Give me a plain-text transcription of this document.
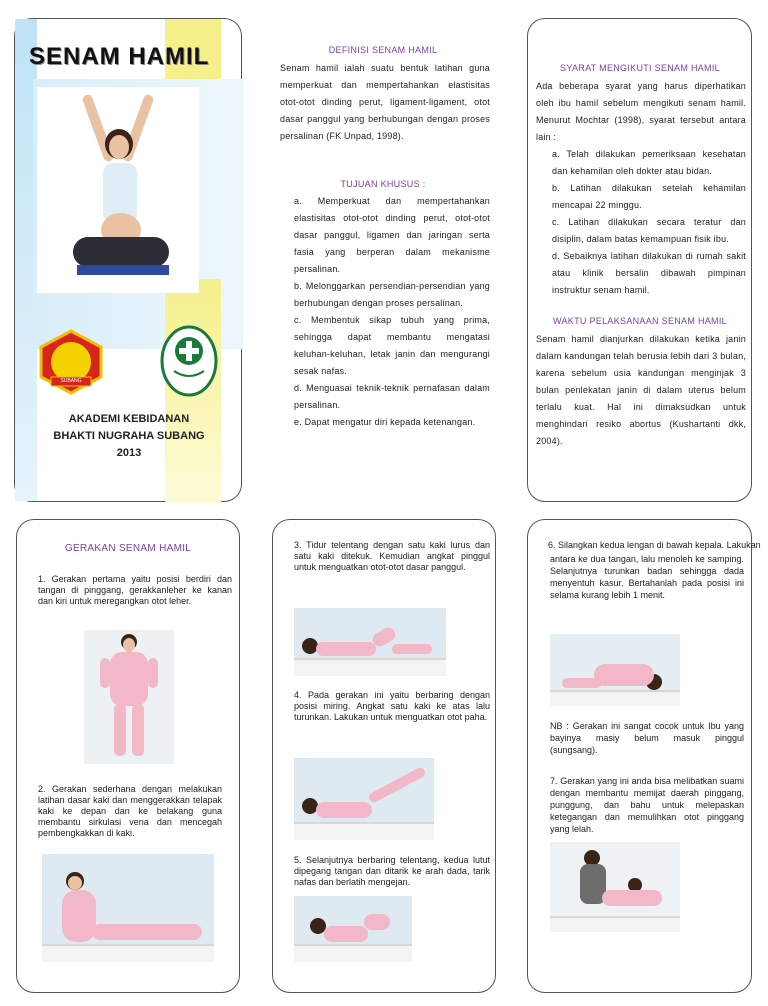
SENAM HAMIL
SUBANG
AKADEMI KEBIDANAN
BHAKTI NUGRAHA SUBANG
2013
DEFINISI SENAM HAMIL
Senam hamil ialah suatu bentuk latihan guna memperkuat dan mempertahankan elastisitas otot-otot dinding perut, ligament-ligament, otot dasar panggul yang berhubungan dengan proses persalinan (FK Unpad, 1998).
TUJUAN KHUSUS :

a. Memperkuat dan mempertahankan elastisitas otot-otot dinding perut, otot-otot dasar panggul, ligamen dan jaringan serta fasia yang berperan dalam mekanisme persalinan.

b. Melonggarkan persendian-persendian yang berhubungan dengan proses persalinan.

c. Membentuk sikap tubuh yang prima, sehingga dapat membantu mengatasi keluhan-keluhan, letak janin dan mengurangi sesak nafas.

d. Menguasai teknik-teknik pernafasan dalam persalinan.

e. Dapat mengatur diri kepada ketenangan.

SYARAT MENGIKUTI SENAM HAMIL
Ada beberapa syarat yang harus diperhatikan oleh ibu hamil sebelum mengikuti senam hamil. Menurut Mochtar (1998), syarat tersebut antara lain :

a. Telah dilakukan pemeriksaan kesehatan dan kehamilan oleh dokter atau bidan.

b. Latihan dilakukan setelah kehamilan mencapai 22 minggu.

c. Latihan dilakukan secara teratur dan disiplin, dalam batas kemampuan fisik ibu.

d. Sebaiknya latihan dilakukan di rumah sakit atau klinik bersalin dibawah pimpinan instruktur senam hamil.

WAKTU PELAKSANAAN SENAM HAMIL
Senam hamil dianjurkan dilakukan ketika janin dalam kandungan telah berusia lebih dari 3 bulan, karena sebelum usia kandungan menginjak 3 bulan penlekatan janin di dalam uterus belum terlalu kuat. Hal ini dimaksudkan untuk menghindari resiko abortus (Kushartanti dkk, 2004).
GERAKAN SENAM HAMIL
1. Gerakan pertama yaitu posisi berdiri dan tangan di pinggang, gerakkanleher ke kanan dan kiri untuk meregangkan otot leher.
2. Gerakan sederhana dengan melakukan latihan dasar kaki dan menggerakkan telapak kaki ke depan dan ke belakang guna membantu sirkulasi vena dan mencegah pembengkakkan di kaki.
3. Tidur telentang dengan satu kaki lurus dan satu kaki ditekuk. Kemudian angkat pinggul untuk menguatkan otot-otot dasar panggul.
4. Pada gerakan ini yaitu berbaring dengan posisi miring. Angkat satu kaki ke atas lalu turunkan. Lakukan untuk menguatkan otot paha.
5. Selanjutnya berbaring telentang, kedua lutut dipegang tangan dan ditarik ke arah dada, tarik nafas dan berlatih mengejan.
6. Silangkan kedua lengan di bawah kepala. Lakukan
antara ke dua tangan, lalu menoleh ke samping. Selanjutnya turunkan badan sehingga dada menyentuh kasur. Bertahanlah pada posisi ini selama kurang lebih 1 menit.
NB : Gerakan ini sangat cocok untuk Ibu yang bayinya masiy belum masuk pinggul (sungsang).
7. Gerakan yang ini anda bisa melibatkan suami dengan membantu memijat daerah pinggang, punggung, dan bahu untuk melepaskan ketegangan dan memulihkan otot pinggang yang lelah.
